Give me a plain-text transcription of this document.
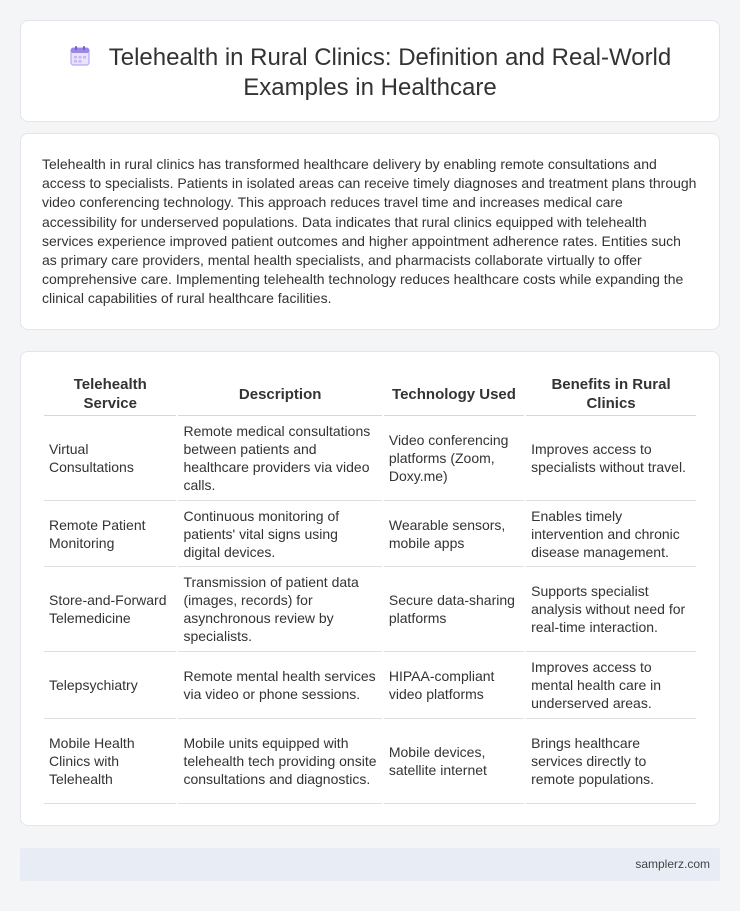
Telehealth in Rural Clinics: Definition and Real-World Examples in Healthcare

Telehealth in rural clinics has transformed healthcare delivery by enabling remote consultations and access to specialists. Patients in isolated areas can receive timely diagnoses and treatment plans through video conferencing technology. This approach reduces travel time and increases medical care accessibility for underserved populations. Data indicates that rural clinics equipped with telehealth services experience improved patient outcomes and higher appointment adherence rates. Entities such as primary care providers, mental health specialists, and pharmacists collaborate virtually to offer comprehensive care. Implementing telehealth technology reduces healthcare costs while expanding the clinical capabilities of rural healthcare facilities.

Telehealth Service	Description	Technology Used	Benefits in Rural Clinics
Virtual Consultations	Remote medical consultations between patients and healthcare providers via video calls.	Video conferencing platforms (Zoom, Doxy.me)	Improves access to specialists without travel.
Remote Patient Monitoring	Continuous monitoring of patients' vital signs using digital devices.	Wearable sensors, mobile apps	Enables timely intervention and chronic disease management.
Store-and-Forward Telemedicine	Transmission of patient data (images, records) for asynchronous review by specialists.	Secure data-sharing platforms	Supports specialist analysis without need for real-time interaction.
Telepsychiatry	Remote mental health services via video or phone sessions.	HIPAA-compliant video platforms	Improves access to mental health care in underserved areas.
Mobile Health Clinics with Telehealth	Mobile units equipped with telehealth tech providing onsite consultations and diagnostics.	Mobile devices, satellite internet	Brings healthcare services directly to remote populations.
samplerz.com
